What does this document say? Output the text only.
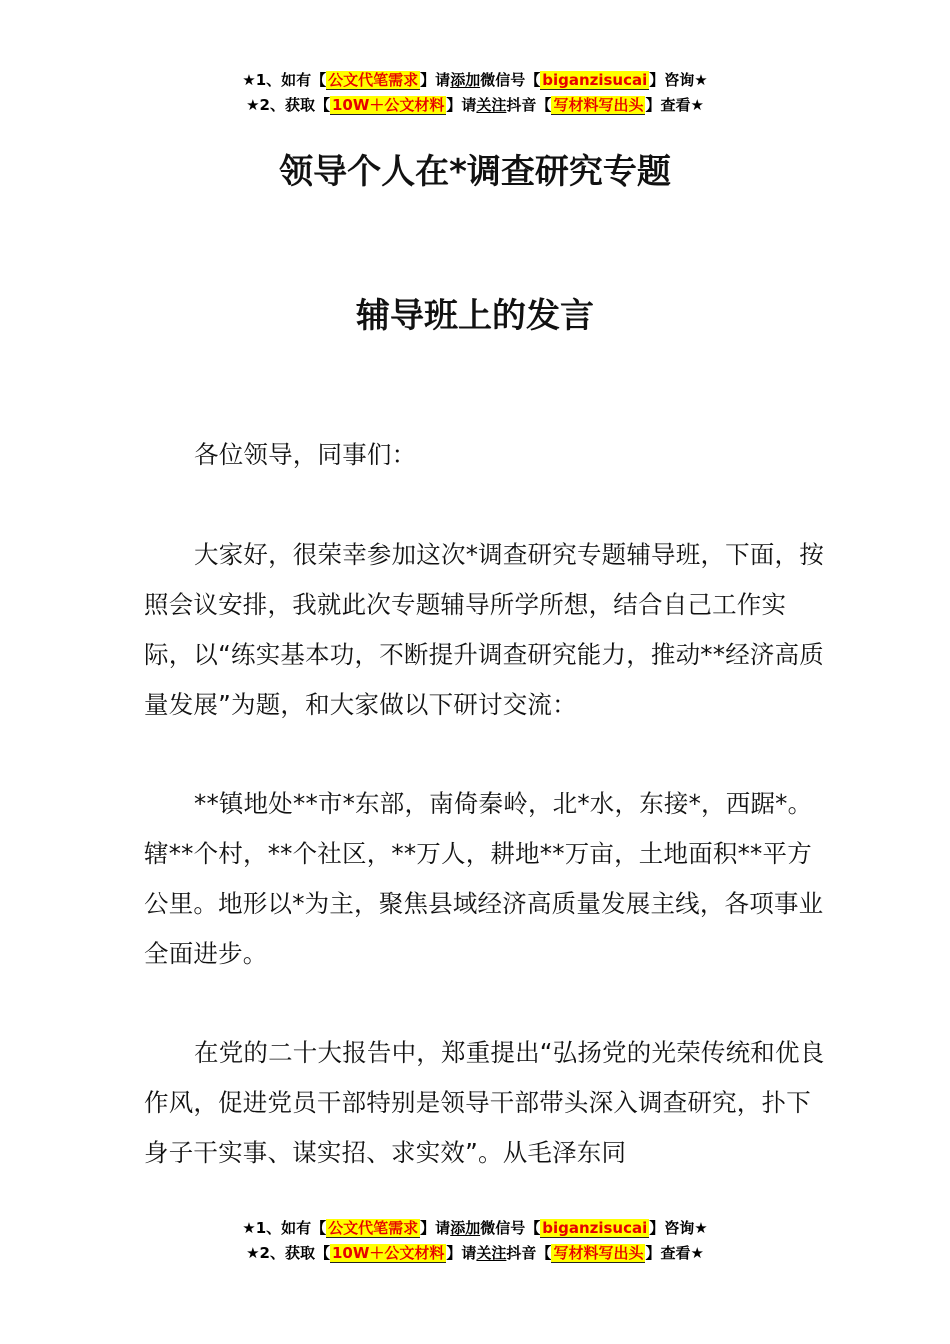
★1、如有【 公文代笔需求 】请添加微信号【 biganzisucai 】咨询★
★2、获取【 10W＋公文材料 】请关注抖音【 写材料写出头 】查看★
领导个人在*调查研究专题
辅导班上的发言

各位领导，同事们：

大家好，很荣幸参加这次*调查研究专题辅导班，下面，按照会议安排，我就此次专题辅导所学所想，结合自己工作实际，以“练实基本功，不断提升调查研究能力，推动**经济高质量发展”为题，和大家做以下研讨交流：

**镇地处**市*东部，南倚秦岭，北*水，东接*，西踞*。辖**个村，**个社区，**万人，耕地**万亩，土地面积**平方公里。地形以*为主，聚焦县域经济高质量发展主线，各项事业全面进步。

在党的二十大报告中，郑重提出“弘扬党的光荣传统和优良作风，促进党员干部特别是领导干部带头深入调查研究，扑下身子干实事、谋实招、求实效”。从毛泽东同

★1、如有【 公文代笔需求 】请添加微信号【 biganzisucai 】咨询★
★2、获取【 10W＋公文材料 】请关注抖音【 写材料写出头 】查看★
